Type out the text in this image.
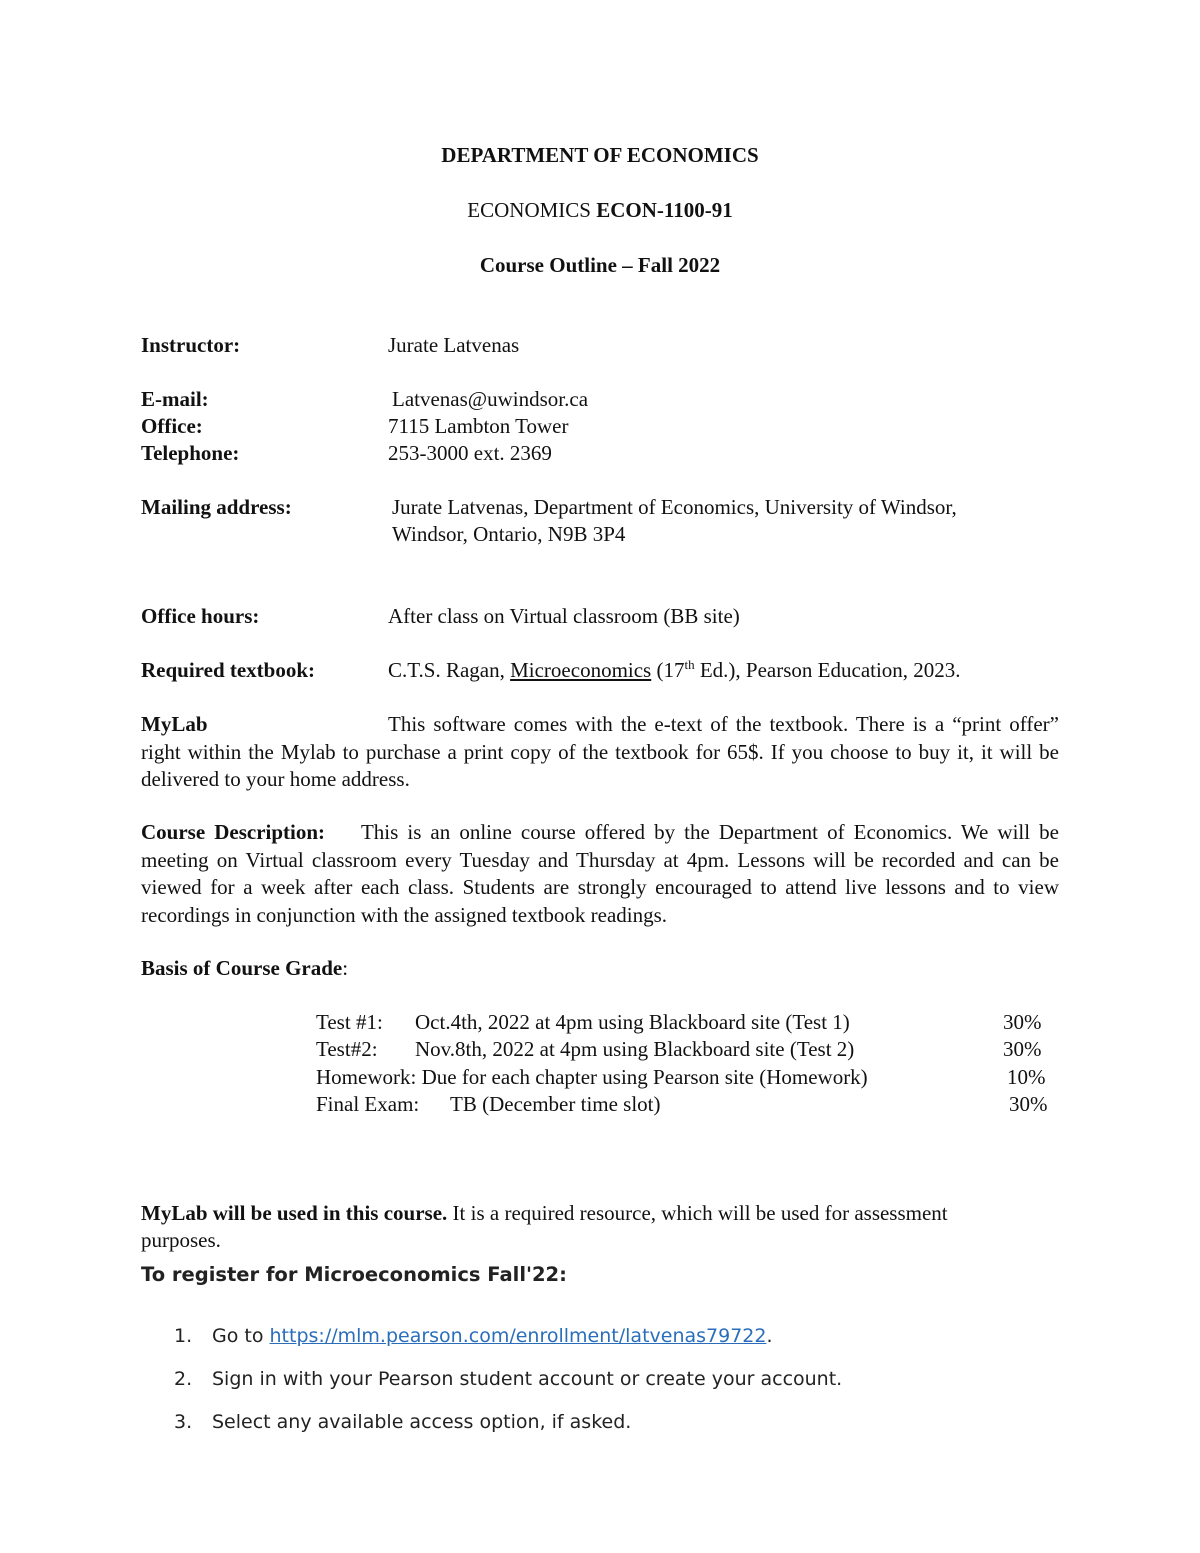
DEPARTMENT OF ECONOMICS
ECONOMICS ECON-1100-91
Course Outline – Fall 2022
Instructor:	Jurate Latvenas
E-mail:	Latvenas@uwindsor.ca
Office:	7115 Lambton Tower
Telephone:	253-3000 ext. 2369
Mailing address:	Jurate Latvenas, Department of Economics, University of Windsor,
Windsor, Ontario, N9B 3P4
Office hours:	After class on Virtual classroom (BB site)
Required textbook:	C.T.S. Ragan, Microeconomics (17th Ed.), Pearson Education, 2023.
MyLab	This software comes with the e-text of the textbook. There is a “print offer” right within the Mylab to purchase a print copy of the textbook for 65$. If you choose to buy it, it will be delivered to your home address.
Course Description: This is an online course offered by the Department of Economics. We will be meeting on Virtual classroom every Tuesday and Thursday at 4pm. Lessons will be recorded and can be viewed for a week after each class. Students are strongly encouraged to attend live lessons and to view recordings in conjunction with the assigned textbook readings.
Basis of Course Grade:
Test #1: Oct.4th, 2022 at 4pm using Blackboard site (Test 1)	30%
Test#2: Nov.8th, 2022 at 4pm using Blackboard site (Test 2)	30%
Homework: Due for each chapter using Pearson site (Homework)	10%
Final Exam: TB (December time slot)	30%
MyLab will be used in this course. It is a required resource, which will be used for assessment
purposes.
To register for Microeconomics Fall'22:
1. Go to https://mlm.pearson.com/enrollment/latvenas79722.
2. Sign in with your Pearson student account or create your account.
3. Select any available access option, if asked.
